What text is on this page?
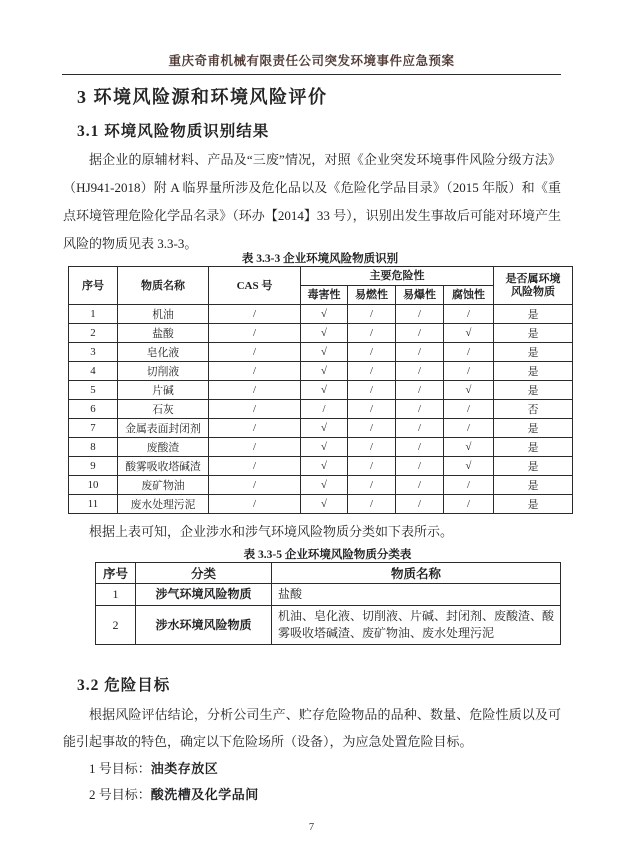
重庆奇甫机械有限责任公司突发环境事件应急预案
3 环境风险源和环境风险评价
3.1 环境风险物质识别结果
据企业的原辅材料、产品及“三废”情况，对照《企业突发环境事件风险分级方法》（HJ941-2018）附 A 临界量所涉及危化品以及《危险化学品目录》（2015 年版）和《重点环境管理危险化学品名录》（环办【2014】33 号），识别出发生事故后可能对环境产生风险的物质见表 3.3-3。
表 3.3-3 企业环境风险物质识别
序号	物质名称	CAS 号	主要危险性				是否属环境风险物质
			毒害性	易燃性	易爆性	腐蚀性	
1	机油	/	√	/	/	/	是
2	盐酸	/	√	/	/	√	是
3	皂化液	/	√	/	/	/	是
4	切削液	/	√	/	/	/	是
5	片碱	/	√	/	/	√	是
6	石灰	/	/	/	/	/	否
7	金属表面封闭剂	/	√	/	/	/	是
8	废酸渣	/	√	/	/	√	是
9	酸雾吸收塔碱渣	/	√	/	/	√	是
10	废矿物油	/	√	/	/	/	是
11	废水处理污泥	/	√	/	/	/	是
根据上表可知，企业涉水和涉气环境风险物质分类如下表所示。
表 3.3-5 企业环境风险物质分类表
序号	分类	物质名称
1	涉气环境风险物质	盐酸
2	涉水环境风险物质	机油、皂化液、切削液、片碱、封闭剂、废酸渣、酸雾吸收塔碱渣、废矿物油、废水处理污泥
3.2 危险目标
根据风险评估结论，分析公司生产、贮存危险物品的品种、数量、危险性质以及可能引起事故的特色，确定以下危险场所（设备），为应急处置危险目标。
1 号目标：油类存放区
2 号目标：酸洗槽及化学品间
7
